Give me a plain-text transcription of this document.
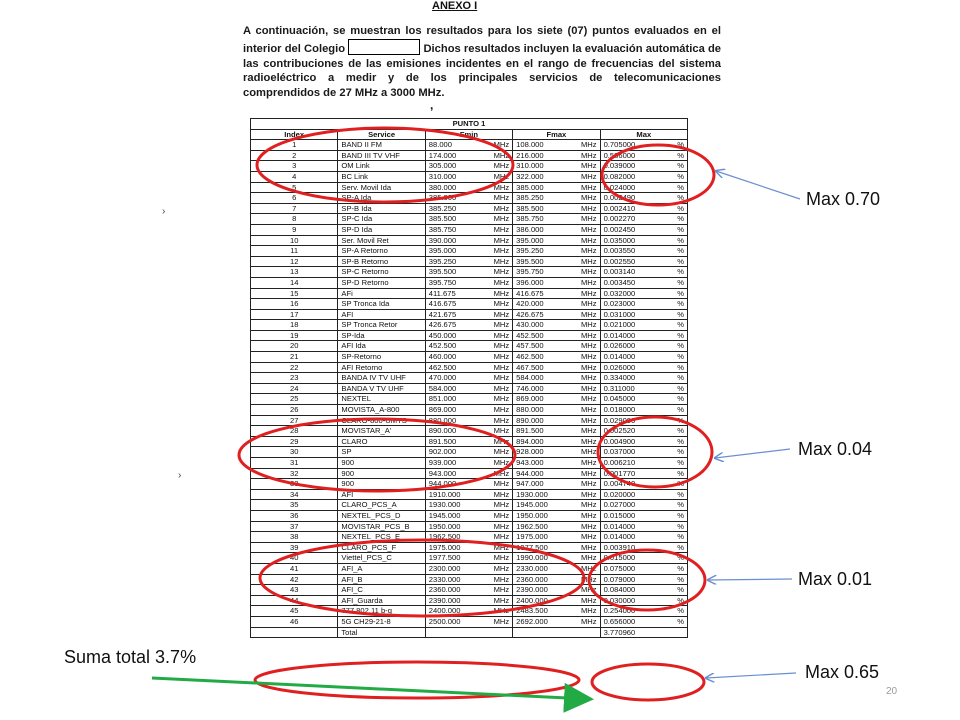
ANEXO I
A continuación, se muestran los resultados para los siete (07) puntos evaluados en el interior del Colegio	Dichos resultados incluyen la evaluación automática de las contribuciones de las emisiones incidentes en el rango de frecuencias del sistema radioeléctrico a medir y de los principales servicios de telecomunicaciones comprendidos de 27 MHz a 3000 MHz.
,
PUNTO 1				
Index	Service	Fmin	Fmax	Max
1	BAND II FM	88.000 MHz	108.000 MHz	0.705000 %

2	BAND III TV VHF	174.000 MHz	216.000 MHz	0.586000 %

3	OM Link	305.000 MHz	310.000 MHz	0.039000 %

4	BC Link	310.000 MHz	322.000 MHz	0.082000 %

5	Serv. Movil Ida	380.000 MHz	385.000 MHz	0.024000 %

6	SP-A Ida	385.000 MHz	385.250 MHz	0.002490 %

7	SP-B Ida	385.250 MHz	385.500 MHz	0.002410 %

8	SP-C Ida	385.500 MHz	385.750 MHz	0.002270 %

9	SP-D Ida	385.750 MHz	386.000 MHz	0.002450 %

10	Ser. Movil Ret	390.000 MHz	395.000 MHz	0.035000 %

11	SP-A Retorno	395.000 MHz	395.250 MHz	0.003550 %

12	SP-B Retorno	395.250 MHz	395.500 MHz	0.002550 %

13	SP-C Retorno	395.500 MHz	395.750 MHz	0.003140 %

14	SP-D Retorno	395.750 MHz	396.000 MHz	0.003450 %

15	AFi	411.675 MHz	416.675 MHz	0.032000 %

16	SP Tronca Ida	416.675 MHz	420.000 MHz	0.023000 %

17	AFI	421.675 MHz	426.675 MHz	0.031000 %

18	SP Tronca Retor	426.675 MHz	430.000 MHz	0.021000 %

19	SP-Ida	450.000 MHz	452.500 MHz	0.014000 %

20	AFI Ida	452.500 MHz	457.500 MHz	0.026000 %

21	SP-Retorno	460.000 MHz	462.500 MHz	0.014000 %

22	AFI Retorno	462.500 MHz	467.500 MHz	0.026000 %

23	BANDA IV TV UHF	470.000 MHz	584.000 MHz	0.334000 %

24	BANDA V TV UHF	584.000 MHz	746.000 MHz	0.311000 %

25	NEXTEL	851.000 MHz	869.000 MHz	0.045000 %

26	MOVISTA_A-800	869.000 MHz	880.000 MHz	0.018000 %

27	CLARO-800-UMTS	880.000 MHz	890.000 MHz	0.029000 %

28	MOVISTAR_A'	890.000 MHz	891.500 MHz	0.002520 %

29	CLARO	891.500 MHz	894.000 MHz	0.004900 %

30	SP	902.000 MHz	928.000 MHz	0.037000 %

31	900	939.000 MHz	943.000 MHz	0.006210 %

32	900	943.000 MHz	944.000 MHz	0.001770 %

33	900	944.000 MHz	947.000 MHz	0.004740 %

34	AFI	1910.000 MHz	1930.000 MHz	0.020000 %

35	CLARO_PCS_A	1930.000 MHz	1945.000 MHz	0.027000 %

36	NEXTEL_PCS_D	1945.000 MHz	1950.000 MHz	0.015000 %

37	MOVISTAR_PCS_B	1950.000 MHz	1962.500 MHz	0.014000 %

38	NEXTEL_PCS_E	1962.500 MHz	1975.000 MHz	0.014000 %

39	CLARO_PCS_F	1975.000 MHz	1977.500 MHz	0.003910 %

40	Viettel_PCS_C	1977.500 MHz	1990.000 MHz	0.015000 %

41	AFI_A	2300.000 MHz	2330.000 MHz	0.075000 %

42	AFI_B	2330.000 MHz	2360.000 MHz	0.079000 %

43	AFI_C	2360.000 MHz	2390.000 MHz	0.084000 %

44	AFI_Guarda	2390.000 MHz	2400.000 MHz	0.030000 %

45	777 802.11 b-g	2400.000 MHz	2483.500 MHz	0.254000 %

46	5G CH29-21-8	2500.000 MHz	2692.000 MHz	0.656000 %

	Total			3.770960
›
›
Max 0.70
Max 0.04
Max 0.01
Max 0.65
Suma total 3.7%
20
